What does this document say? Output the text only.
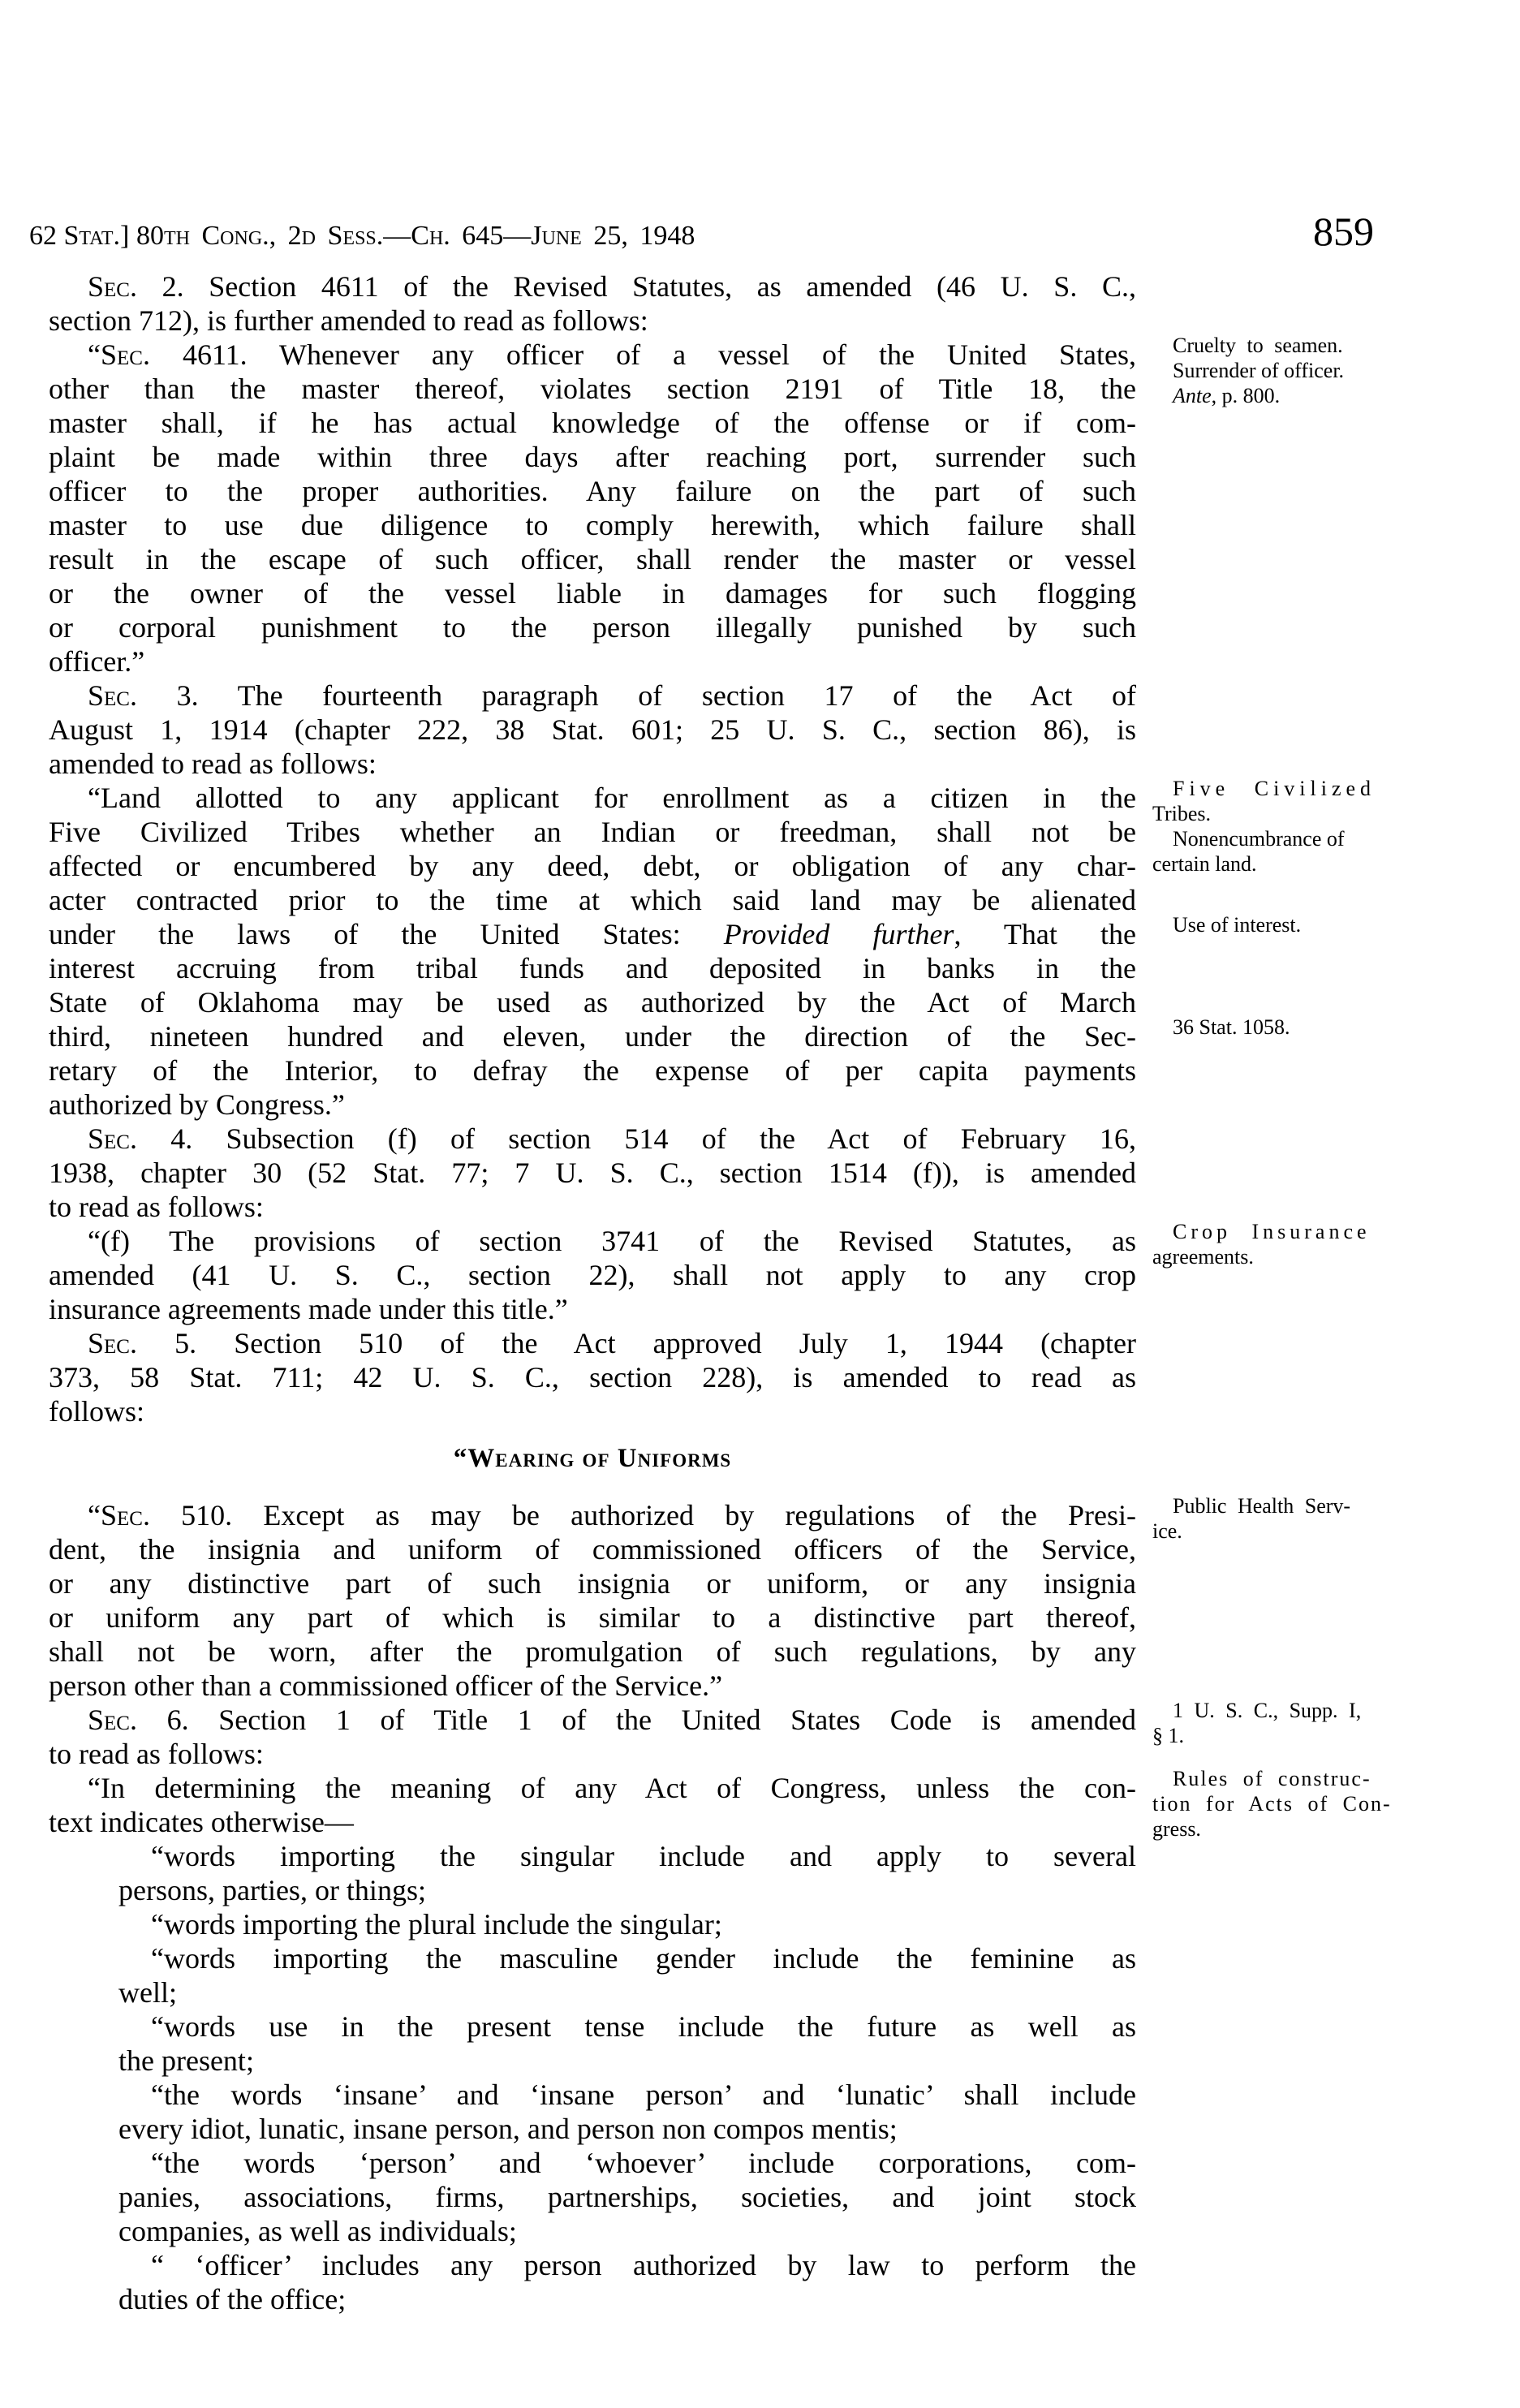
62 Stat.] 80th Cong., 2d Sess.—Ch. 645—June 25, 1948	859
Sec. 2. Section 4611 of the Revised Statutes, as amended (46 U. S. C.,
section 712), is further amended to read as follows:
“Sec. 4611. Whenever any officer of a vessel of the United States,
other than the master thereof, violates section 2191 of Title 18, the
master shall, if he has actual knowledge of the offense or if com-
plaint be made within three days after reaching port, surrender such
officer to the proper authorities. Any failure on the part of such
master to use due diligence to comply herewith, which failure shall
result in the escape of such officer, shall render the master or vessel
or the owner of the vessel liable in damages for such flogging
or corporal punishment to the person illegally punished by such
officer.”
Sec. 3. The fourteenth paragraph of section 17 of the Act of
August 1, 1914 (chapter 222, 38 Stat. 601; 25 U. S. C., section 86), is
amended to read as follows:
“Land allotted to any applicant for enrollment as a citizen in the
Five Civilized Tribes whether an Indian or freedman, shall not be
affected or encumbered by any deed, debt, or obligation of any char-
acter contracted prior to the time at which said land may be alienated
under the laws of the United States: Provided further, That the
interest accruing from tribal funds and deposited in banks in the
State of Oklahoma may be used as authorized by the Act of March
third, nineteen hundred and eleven, under the direction of the Sec-
retary of the Interior, to defray the expense of per capita payments
authorized by Congress.”
Sec. 4. Subsection (f) of section 514 of the Act of February 16,
1938, chapter 30 (52 Stat. 77; 7 U. S. C., section 1514 (f)), is amended
to read as follows:
“(f) The provisions of section 3741 of the Revised Statutes, as
amended (41 U. S. C., section 22), shall not apply to any crop
insurance agreements made under this title.”
Sec. 5. Section 510 of the Act approved July 1, 1944 (chapter
373, 58 Stat. 711; 42 U. S. C., section 228), is amended to read as
follows:
“Wearing of Uniforms
“Sec. 510. Except as may be authorized by regulations of the Presi-
dent, the insignia and uniform of commissioned officers of the Service,
or any distinctive part of such insignia or uniform, or any insignia
or uniform any part of which is similar to a distinctive part thereof,
shall not be worn, after the promulgation of such regulations, by any
person other than a commissioned officer of the Service.”
Sec. 6. Section 1 of Title 1 of the United States Code is amended
to read as follows:
“In determining the meaning of any Act of Congress, unless the con-
text indicates otherwise—
“words importing the singular include and apply to several
persons, parties, or things;
“words importing the plural include the singular;
“words importing the masculine gender include the feminine as
well;
“words use in the present tense include the future as well as
the present;
“the words ‘insane’ and ‘insane person’ and ‘lunatic’ shall include
every idiot, lunatic, insane person, and person non compos mentis;
“the words ‘person’ and ‘whoever’ include corporations, com-
panies, associations, firms, partnerships, societies, and joint stock
companies, as well as individuals;
“ ‘officer’ includes any person authorized by law to perform the
duties of the office;
Cruelty to seamen.
Surrender of officer.
Ante, p. 800.
Five Civilized
Tribes.
Nonencumbrance of
certain land.
Use of interest.
36 Stat. 1058.
Crop Insurance
agreements.
Public Health Serv-
ice.
1 U. S. C., Supp. I,
§ 1.
Rules of construc-
tion for Acts of Con-
gress.
